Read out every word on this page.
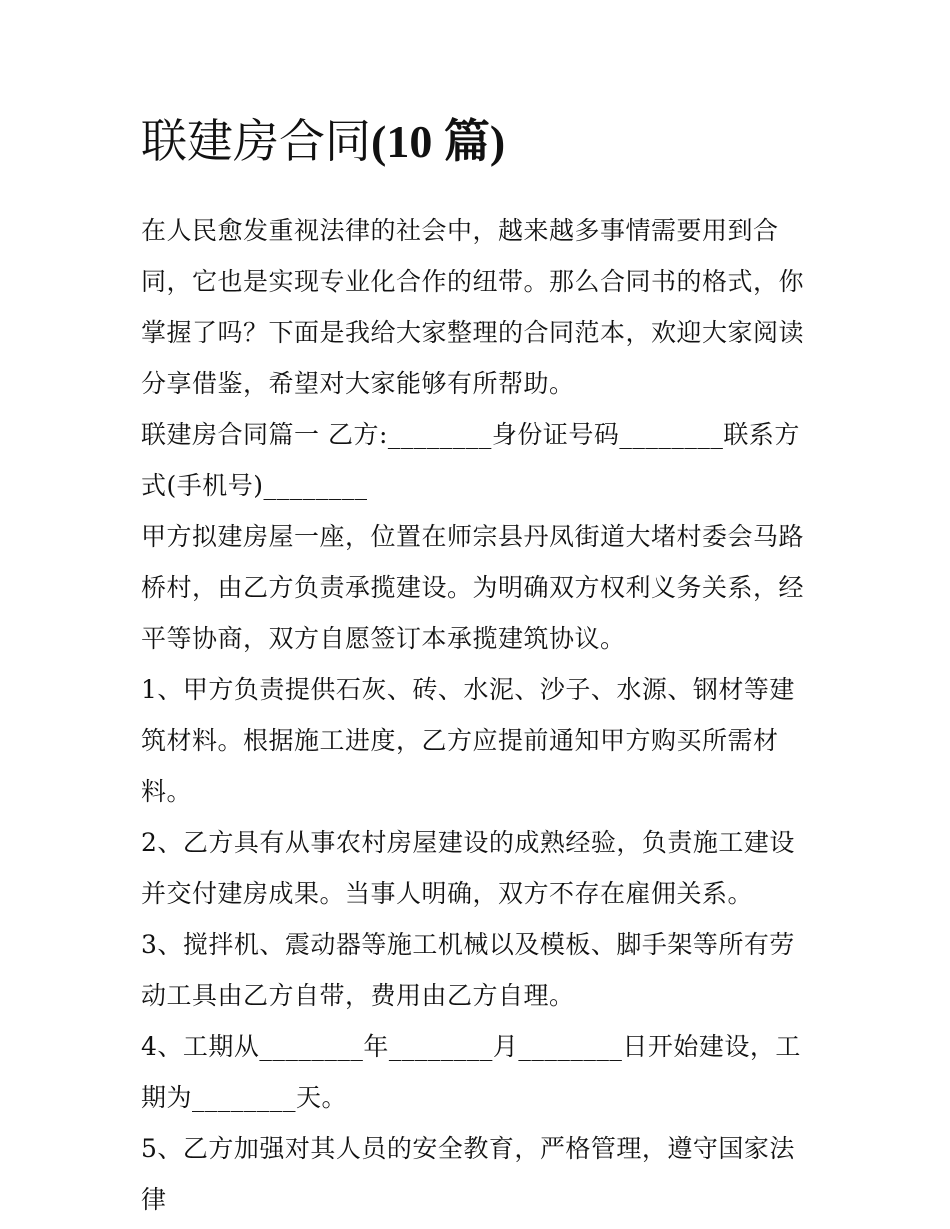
联建房合同(10 篇)

在人民愈发重视法律的社会中，越来越多事情需要用到合同，它也是实现专业化合作的纽带。那么合同书的格式，你掌握了吗？下面是我给大家整理的合同范本，欢迎大家阅读分享借鉴，希望对大家能够有所帮助。

联建房合同篇一 乙方:________身份证号码________联系方式(手机号)________

甲方拟建房屋一座，位置在师宗县丹凤街道大堵村委会马路桥村，由乙方负责承揽建设。为明确双方权利义务关系，经平等协商，双方自愿签订本承揽建筑协议。

1、甲方负责提供石灰、砖、水泥、沙子、水源、钢材等建筑材料。根据施工进度，乙方应提前通知甲方购买所需材料。

2、乙方具有从事农村房屋建设的成熟经验，负责施工建设并交付建房成果。当事人明确，双方不存在雇佣关系。

3、搅拌机、震动器等施工机械以及模板、脚手架等所有劳动工具由乙方自带，费用由乙方自理。

4、工期从________年________月________日开始建设，工期为________天。

5、乙方加强对其人员的安全教育，严格管理，遵守国家法律
